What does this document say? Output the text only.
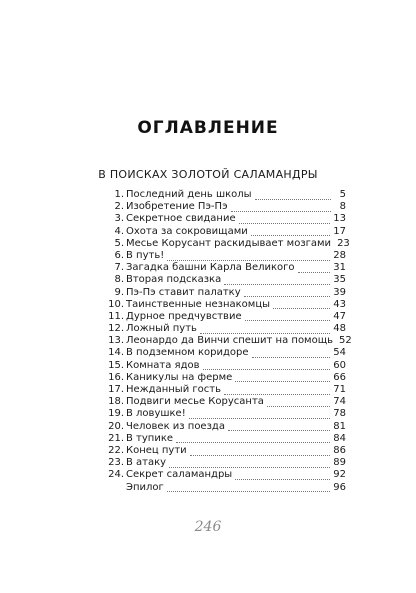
ОГЛАВЛЕНИЕ
В ПОИСКАХ ЗОЛОТОЙ САЛАМАНДРЫ
1. Последний день школы	5
2. Изобретение Пэ-Пэ	8
3. Секретное свидание	13
4. Охота за сокровищами	17
5. Месье Корусант раскидывает мозгами 23
6. В путь!	28
7. Загадка башни Карла Великого	31
8. Вторая подсказка	35
9. Пэ-Пэ ставит палатку	39
10. Таинственные незнакомцы	43
11. Дурное предчувствие	47
12. Ложный путь	48
13. Леонардо да Винчи спешит на помощь 52
14. В подземном коридоре	54
15. Комната ядов	60
16. Каникулы на ферме	66
17. Нежданный гость	71
18. Подвиги месье Корусанта	74
19. В ловушке!	78
20. Человек из поезда	81
21. В тупике	84
22. Конец пути	86
23. В атаку	89
24. Секрет саламандры	92
Эпилог	96
246
